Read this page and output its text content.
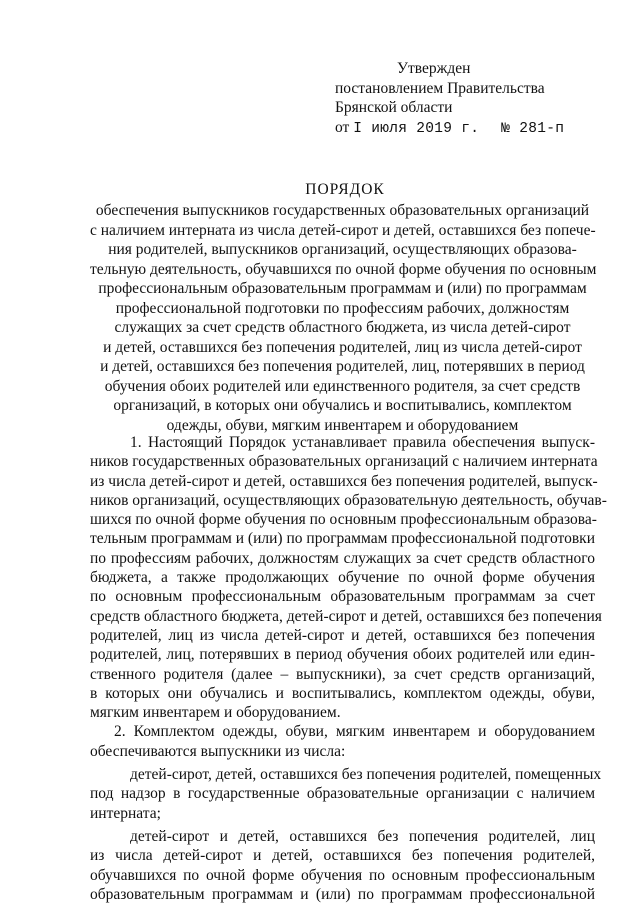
Утвержден
постановлением Правительства
Брянской области
от I июля 2019 г. № 281-п
ПОРЯДОК
обеспечения выпускников государственных образовательных организаций
с наличием интерната из числа детей-сирот и детей, оставшихся без попече-
ния родителей, выпускников организаций, осуществляющих образова-
тельную деятельность, обучавшихся по очной форме обучения по основным
профессиональным образовательным программам и (или) по программам
профессиональной подготовки по профессиям рабочих, должностям
служащих за счет средств областного бюджета, из числа детей-сирот
и детей, оставшихся без попечения родителей, лиц из числа детей-сирот
и детей, оставшихся без попечения родителей, лиц, потерявших в период
обучения обоих родителей или единственного родителя, за счет средств
организаций, в которых они обучались и воспитывались, комплектом
одежды, обуви, мягким инвентарем и оборудованием
1. Настоящий Порядок устанавливает правила обеспечения выпуск-
ников государственных образовательных организаций с наличием интерната
из числа детей-сирот и детей, оставшихся без попечения родителей, выпуск-
ников организаций, осуществляющих образовательную деятельность, обучав-
шихся по очной форме обучения по основным профессиональным образова-
тельным программам и (или) по программам профессиональной подготовки
по профессиям рабочих, должностям служащих за счет средств областного
бюджета, а также продолжающих обучение по очной форме обучения
по основным профессиональным образовательным программам за счет
средств областного бюджета, детей-сирот и детей, оставшихся без попечения
родителей, лиц из числа детей-сирот и детей, оставшихся без попечения
родителей, лиц, потерявших в период обучения обоих родителей или един-
ственного родителя (далее – выпускники), за счет средств организаций,
в которых они обучались и воспитывались, комплектом одежды, обуви,
мягким инвентарем и оборудованием.
2. Комплектом одежды, обуви, мягким инвентарем и оборудованием
обеспечиваются выпускники из числа:
детей-сирот, детей, оставшихся без попечения родителей, помещенных
под надзор в государственные образовательные организации с наличием
интерната;
детей-сирот и детей, оставшихся без попечения родителей, лиц
из числа детей-сирот и детей, оставшихся без попечения родителей,
обучавшихся по очной форме обучения по основным профессиональным
образовательным программам и (или) по программам профессиональной
